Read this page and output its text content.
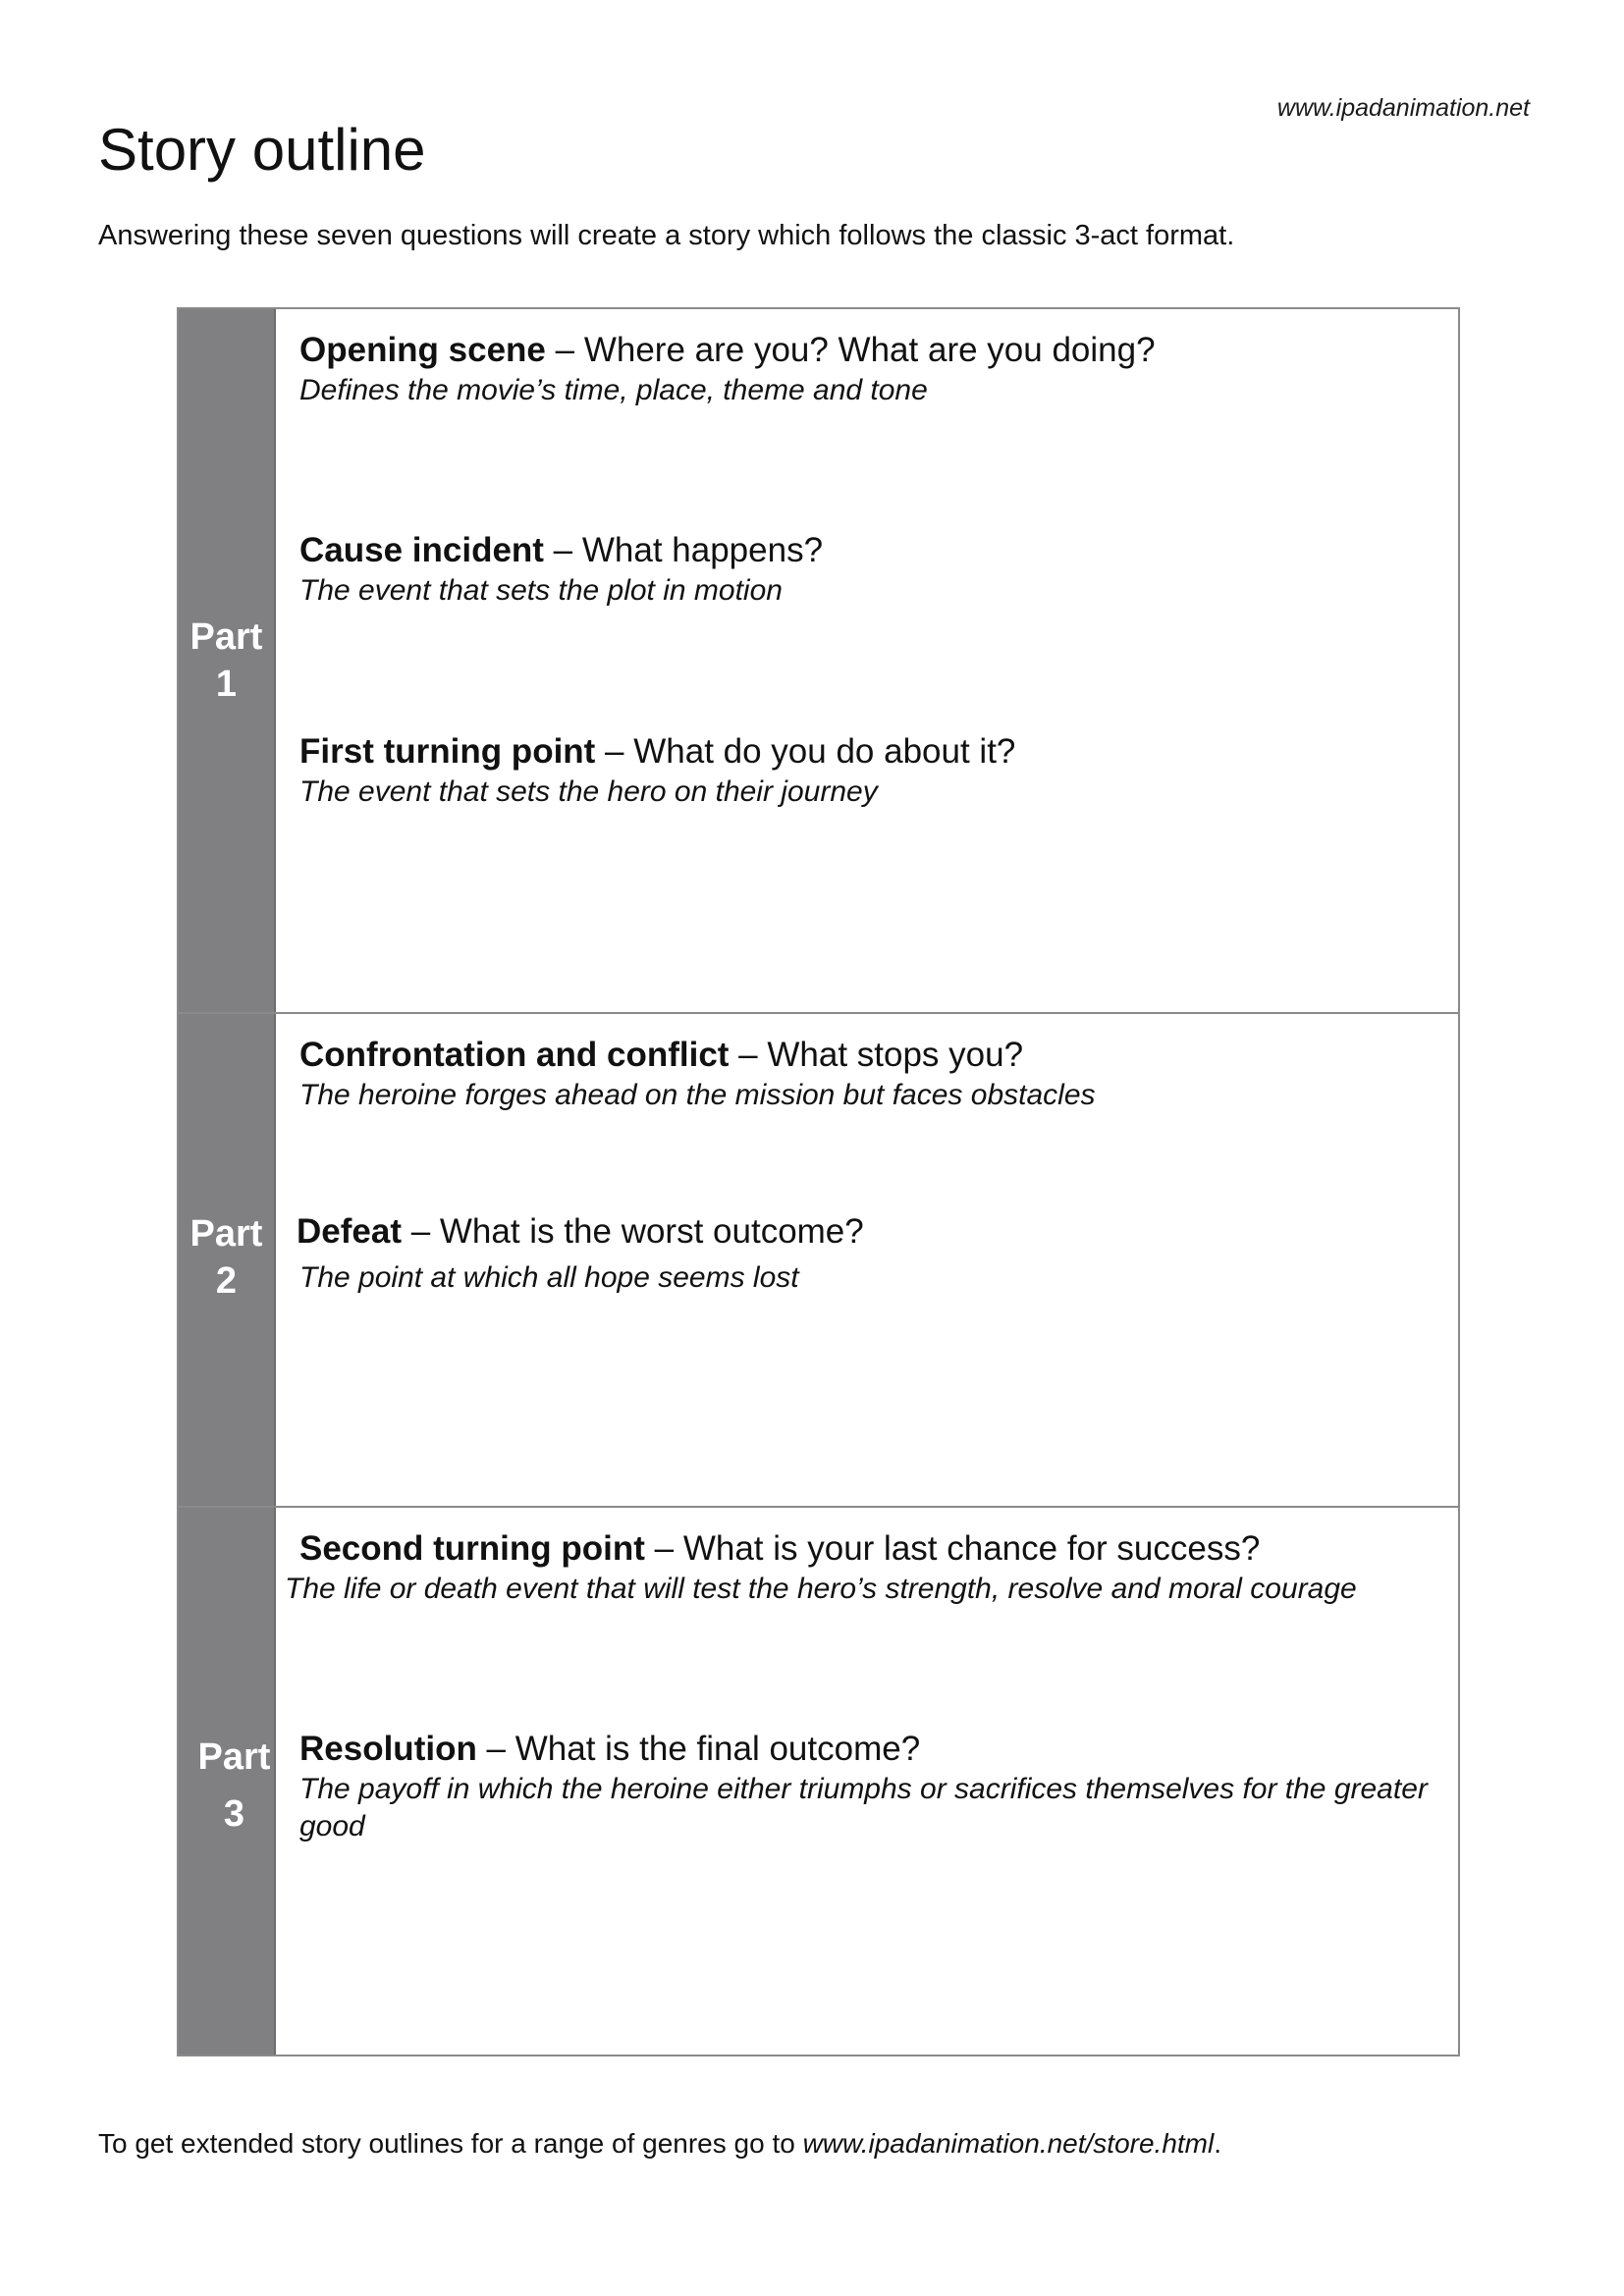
www.ipadanimation.net
Story outline
Answering these seven questions will create a story which follows the classic 3-act format.
Part
1
Opening scene – Where are you? What are you doing?
Defines the movie’s time, place, theme and tone
Cause incident – What happens?
The event that sets the plot in motion
First turning point – What do you do about it?
The event that sets the hero on their journey
Part
2
Confrontation and conflict – What stops you?
The heroine forges ahead on the mission but faces obstacles
Defeat – What is the worst outcome?
The point at which all hope seems lost
Part
3
Second turning point – What is your last chance for success?
The life or death event that will test the hero’s strength, resolve and moral courage
Resolution – What is the final outcome?
The payoff in which the heroine either triumphs or sacrifices themselves for the greater good
To get extended story outlines for a range of genres go to www.ipadanimation.net/store.html.
